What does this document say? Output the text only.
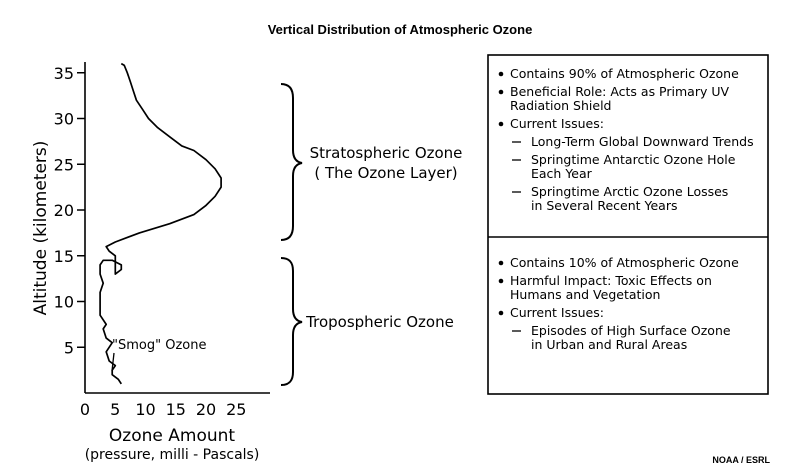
Vertical Distribution of Atmospheric Ozone
5
10
15
20
25
30
35
0 5 10 15 20 25
Altitude (kilometers)
Ozone Amount
(pressure, milli - Pascals)
"Smog" Ozone
Stratospheric Ozone
( The Ozone Layer)
Tropospheric Ozone
Contains 90% of Atmospheric Ozone
Beneficial Role: Acts as Primary UV
Radiation Shield
Current Issues:
Long-Term Global Downward Trends
Springtime Antarctic Ozone Hole
Each Year
Springtime Arctic Ozone Losses
in Several Recent Years
Contains 10% of Atmospheric Ozone
Harmful Impact: Toxic Effects on
Humans and Vegetation
Current Issues:
Episodes of High Surface Ozone
in Urban and Rural Areas
NOAA / ESRL
